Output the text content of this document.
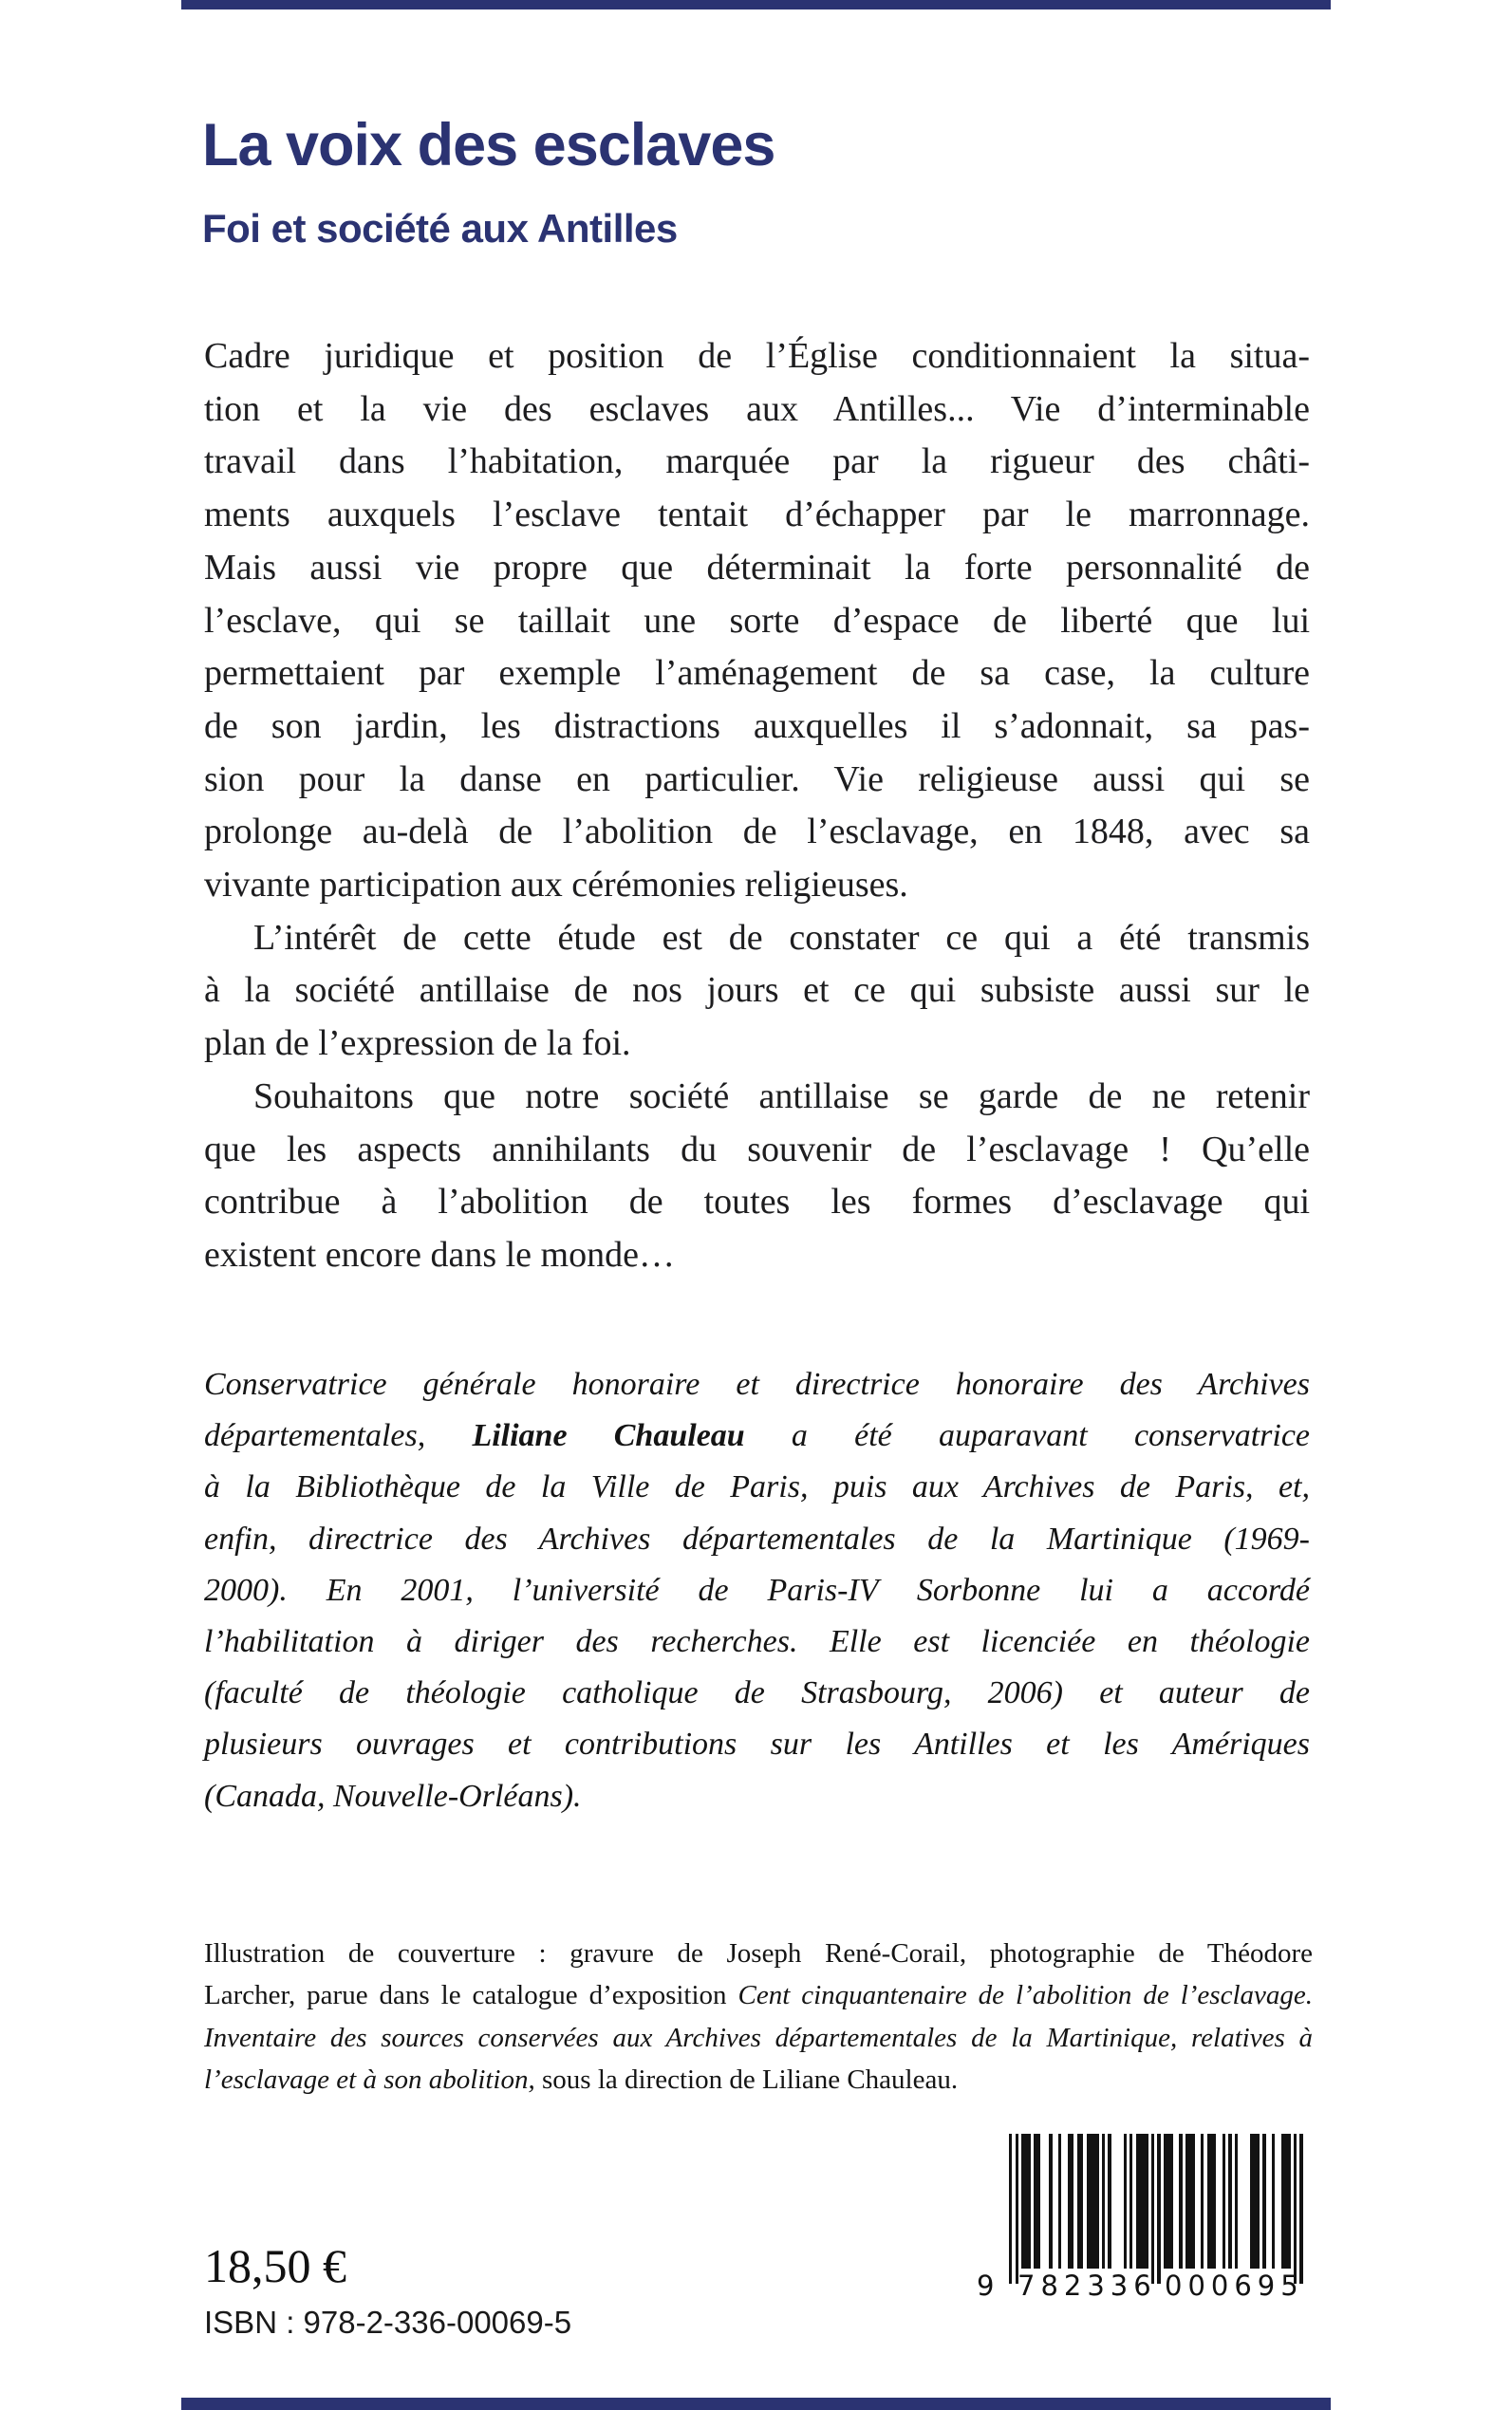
La voix des esclaves
Foi et société aux Antilles
Cadre juridique et position de l’Église conditionnaient la situa-
tion et la vie des esclaves aux Antilles... Vie d’interminable
travail dans l’habitation, marquée par la rigueur des châti-
ments auxquels l’esclave tentait d’échapper par le marronnage.
Mais aussi vie propre que déterminait la forte personnalité de
l’esclave, qui se taillait une sorte d’espace de liberté que lui
permettaient par exemple l’aménagement de sa case, la culture
de son jardin, les distractions auxquelles il s’adonnait, sa pas-
sion pour la danse en particulier. Vie religieuse aussi qui se
prolonge au-delà de l’abolition de l’esclavage, en 1848, avec sa
vivante participation aux cérémonies religieuses.
L’intérêt de cette étude est de constater ce qui a été transmis
à la société antillaise de nos jours et ce qui subsiste aussi sur le
plan de l’expression de la foi.
Souhaitons que notre société antillaise se garde de ne retenir
que les aspects annihilants du souvenir de l’esclavage ! Qu’elle
contribue à l’abolition de toutes les formes d’esclavage qui
existent encore dans le monde…
Conservatrice générale honoraire et directrice honoraire des Archives
départementales, Liliane Chauleau a été auparavant conservatrice
à la Bibliothèque de la Ville de Paris, puis aux Archives de Paris, et,
enfin, directrice des Archives départementales de la Martinique (1969-
2000). En 2001, l’université de Paris-IV Sorbonne lui a accordé
l’habilitation à diriger des recherches. Elle est licenciée en théologie
(faculté de théologie catholique de Strasbourg, 2006) et auteur de
plusieurs ouvrages et contributions sur les Antilles et les Amériques
(Canada, Nouvelle-Orléans).
Illustration de couverture : gravure de Joseph René-Corail, photographie de Théodore
Larcher, parue dans le catalogue d’exposition Cent cinquantenaire de l’abolition de l’esclavage.
Inventaire des sources conservées aux Archives départementales de la Martinique, relatives à
l’esclavage et à son abolition, sous la direction de Liliane Chauleau.
18,50 €
ISBN : 978-2-336-00069-5
9 782336 000695
